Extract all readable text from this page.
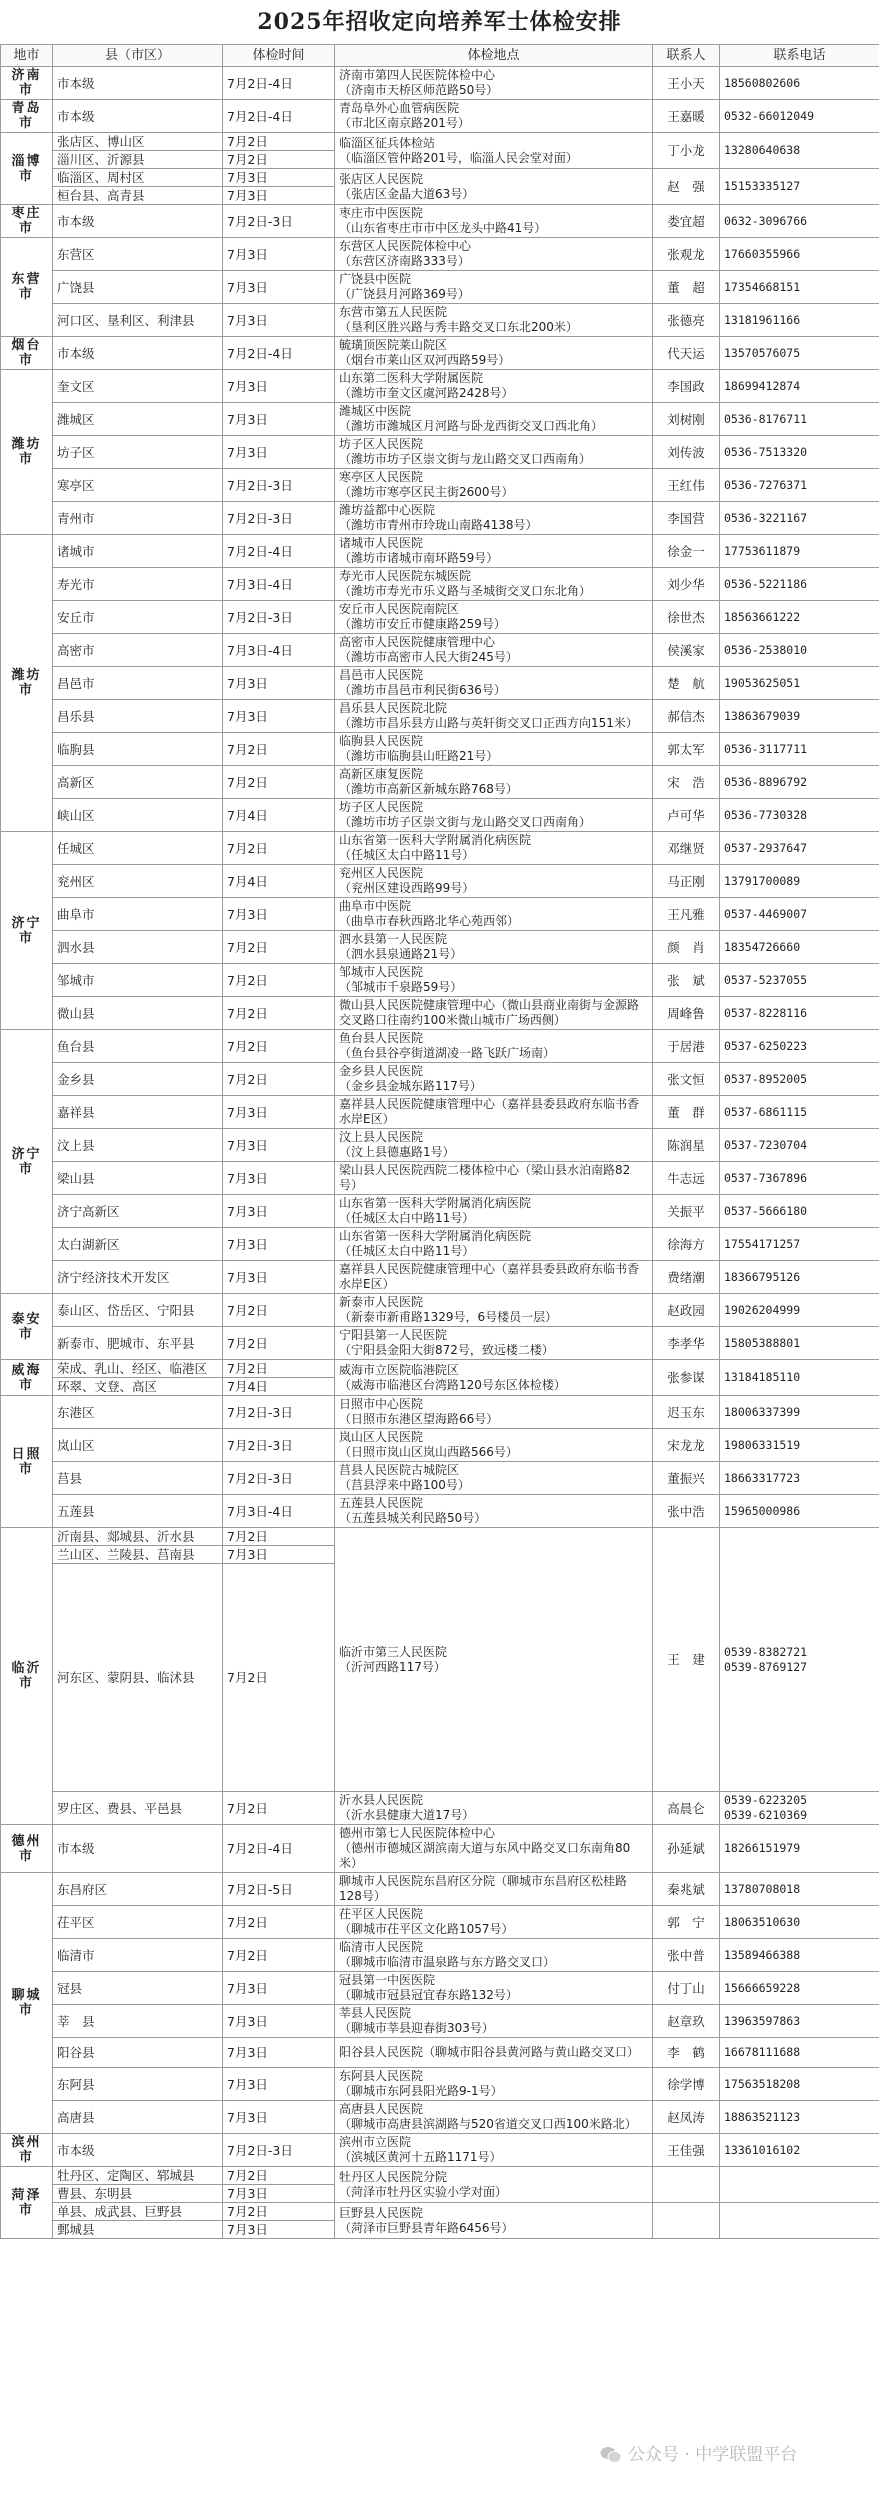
2025年招收定向培养军士体检安排
地市	县（市区）	体检时间	体检地点	联系人	联系电话	
济南市	市本级	7月2日-4日	济南市第四人民医院体检中心
（济南市天桥区师范路50号）	王小天	18560802606	
青岛市	市本级	7月2日-4日	青岛阜外心血管病医院
（市北区南京路201号）	王嘉暖	0532-66012049	
淄博市	张店区、博山区	7月2日	临淄区征兵体检站
（临淄区管仲路201号，临淄人民会堂对面）	丁小龙	13280640638	
	淄川区、沂源县	7月2日				
	临淄区、周村区	7月3日	张店区人民医院
（张店区金晶大道63号）	赵　强	15153335127	
	桓台县、高青县	7月3日				
枣庄市	市本级	7月2日-3日	枣庄市中医医院
（山东省枣庄市市中区龙头中路41号）	娄宜超	0632-3096766	
东营市	东营区	7月3日	东营区人民医院体检中心
（东营区济南路333号）	张观龙	17660355966	
	广饶县	7月3日	广饶县中医院
（广饶县月河路369号）	董　超	17354668151	
	河口区、垦利区、利津县	7月3日	东营市第五人民医院
（垦利区胜兴路与秀丰路交叉口东北200米）	张德亮	13181961166	
烟台市	市本级	7月2日-4日	毓璜顶医院莱山院区
（烟台市莱山区双河西路59号）	代天运	13570576075	
潍坊市	奎文区	7月3日	山东第二医科大学附属医院
（潍坊市奎文区虞河路2428号）	李国政	18699412874	
	潍城区	7月3日	潍城区中医院
（潍坊市潍城区月河路与卧龙西街交叉口西北角）	刘树刚	0536-8176711	
	坊子区	7月3日	坊子区人民医院
（潍坊市坊子区崇文街与龙山路交叉口西南角）	刘传波	0536-7513320	
	寒亭区	7月2日-3日	寒亭区人民医院
（潍坊市寒亭区民主街2600号）	王红伟	0536-7276371	
	青州市	7月2日-3日	潍坊益都中心医院
（潍坊市青州市玲珑山南路4138号）	李国营	0536-3221167	
潍坊市	诸城市	7月2日-4日	诸城市人民医院
（潍坊市诸城市南环路59号）	徐金一	17753611879	
	寿光市	7月3日-4日	寿光市人民医院东城医院
（潍坊市寿光市乐义路与圣城街交叉口东北角）	刘少华	0536-5221186	
	安丘市	7月2日-3日	安丘市人民医院南院区
（潍坊市安丘市健康路259号）	徐世杰	18563661222	
	高密市	7月3日-4日	高密市人民医院健康管理中心
（潍坊市高密市人民大街245号）	侯溪家	0536-2538010	
	昌邑市	7月3日	昌邑市人民医院
（潍坊市昌邑市利民街636号）	楚　航	19053625051	
	昌乐县	7月3日	昌乐县人民医院北院
（潍坊市昌乐县方山路与英轩街交叉口正西方向151米）	郝信杰	13863679039	
	临朐县	7月2日	临朐县人民医院
（潍坊市临朐县山旺路21号）	郭太军	0536-3117711	
	高新区	7月2日	高新区康复医院
（潍坊市高新区新城东路768号）	宋　浩	0536-8896792	
	峡山区	7月4日	坊子区人民医院
（潍坊市坊子区崇文街与龙山路交叉口西南角）	卢可华	0536-7730328	
济宁市	任城区	7月2日	山东省第一医科大学附属消化病医院
（任城区太白中路11号）	邓继贤	0537-2937647	
	兖州区	7月4日	兖州区人民医院
（兖州区建设西路99号）	马正刚	13791700089	
	曲阜市	7月3日	曲阜市中医院
（曲阜市春秋西路北华心苑西邻）	王凡雅	0537-4469007	
	泗水县	7月2日	泗水县第一人民医院
（泗水县泉通路21号）	颜　肖	18354726660	
	邹城市	7月2日	邹城市人民医院
（邹城市千泉路59号）	张　斌	0537-5237055	
	微山县	7月2日	微山县人民医院健康管理中心（微山县商业南街与金源路交叉路口往南约100米微山城市广场西侧）	周峰鲁	0537-8228116	
济宁市	鱼台县	7月2日	鱼台县人民医院
（鱼台县谷亭街道湖凌一路飞跃广场南）	于居港	0537-6250223	
	金乡县	7月2日	金乡县人民医院
（金乡县金城东路117号）	张文恒	0537-8952005	
	嘉祥县	7月3日	嘉祥县人民医院健康管理中心（嘉祥县委县政府东临书香水岸E区）	董　群	0537-6861115	
	汶上县	7月3日	汶上县人民医院
（汶上县德惠路1号）	陈润星	0537-7230704	
	梁山县	7月3日	梁山县人民医院西院二楼体检中心（梁山县水泊南路82号）	牛志远	0537-7367896	
	济宁高新区	7月3日	山东省第一医科大学附属消化病医院
（任城区太白中路11号）	关振平	0537-5666180	
	太白湖新区	7月3日	山东省第一医科大学附属消化病医院
（任城区太白中路11号）	徐海方	17554171257	
	济宁经济技术开发区	7月3日	嘉祥县人民医院健康管理中心（嘉祥县委县政府东临书香水岸E区）	费绪潮	18366795126	
泰安市	泰山区、岱岳区、宁阳县	7月2日	新泰市人民医院
（新泰市新甫路1329号，6号楼员一层）	赵政园	19026204999	
	新泰市、肥城市、东平县	7月2日	宁阳县第一人民医院
（宁阳县金阳大街872号，致远楼二楼）	李孝华	15805388801	
威海市	荣成、乳山、经区、临港区	7月2日	威海市立医院临港院区
（威海市临港区台湾路120号东区体检楼）	张参谋	13184185110	
	环翠、文登、高区	7月4日				
日照市	东港区	7月2日-3日	日照市中心医院
（日照市东港区望海路66号）	迟玉东	18006337399	
	岚山区	7月2日-3日	岚山区人民医院
（日照市岚山区岚山西路566号）	宋龙龙	19806331519	
	莒县	7月2日-3日	莒县人民医院古城院区
（莒县浮来中路100号）	董振兴	18663317723	
	五莲县	7月3日-4日	五莲县人民医院
（五莲县城关利民路50号）	张中浩	15965000986	
临沂市	沂南县、郯城县、沂水县	7月2日	临沂市第三人民医院
（沂河西路117号）	王　建	0539-8382721
0539-8769127	
	兰山区、兰陵县、莒南县	7月3日				
	河东区、蒙阴县、临沭县	7月2日			
	罗庄区、费县、平邑县	7月2日	沂水县人民医院
（沂水县健康大道17号）	高晨仑	0539-6223205
0539-6210369	
德州市	市本级	7月2日-4日	德州市第七人民医院体检中心
（德州市德城区湖滨南大道与东风中路交叉口东南角80米）	孙延斌	18266151979	
聊城市	东昌府区	7月2日-5日	聊城市人民医院东昌府区分院（聊城市东昌府区松桂路128号）	秦兆斌	13780708018	
	茌平区	7月2日	茌平区人民医院
（聊城市茌平区文化路1057号）	郭　宁	18063510630	
	临清市	7月2日	临清市人民医院
（聊城市临清市温泉路与东方路交叉口）	张中普	13589466388	
	冠县	7月3日	冠县第一中医医院
（聊城市冠县冠宜春东路132号）	付丁山	15666659228	
	莘　县	7月3日	莘县人民医院
（聊城市莘县迎春街303号）	赵章玖	13963597863	
	阳谷县	7月3日	阳谷县人民医院（聊城市阳谷县黄河路与黄山路交叉口）	李　鹤	16678111688	
	东阿县	7月3日	东阿县人民医院
（聊城市东阿县阳光路9-1号）	徐学博	17563518208	
	高唐县	7月3日	高唐县人民医院
（聊城市高唐县滨湖路与520省道交叉口西100米路北）	赵凤涛	18863521123	
滨州市	市本级	7月2日-3日	滨州市立医院
（滨城区黄河十五路1171号）	王佳强	13361016102	
菏泽市	牡丹区、定陶区、郓城县	7月2日	牡丹区人民医院分院
（菏泽市牡丹区实验小学对面）			
	曹县、东明县	7月3日				
	单县、成武县、巨野县	7月2日	巨野县人民医院
（菏泽市巨野县青年路6456号）			
	鄄城县	7月3日				
公众号 · 中学联盟平台
